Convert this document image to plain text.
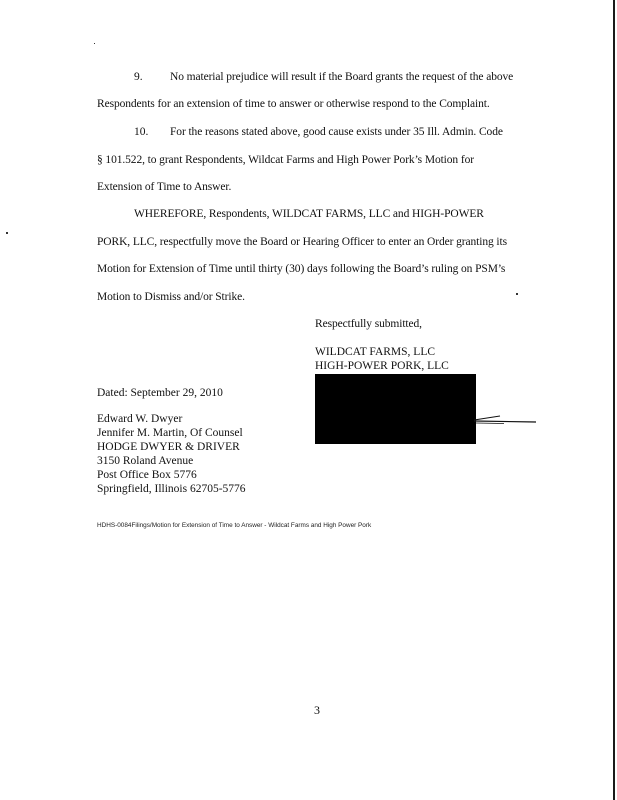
9. No material prejudice will result if the Board grants the request of the above
Respondents for an extension of time to answer or otherwise respond to the Complaint.
10. For the reasons stated above, good cause exists under 35 Ill. Admin. Code
§ 101.522, to grant Respondents, Wildcat Farms and High Power Pork’s Motion for
Extension of Time to Answer.
WHEREFORE, Respondents, WILDCAT FARMS, LLC and HIGH-POWER
PORK, LLC, respectfully move the Board or Hearing Officer to enter an Order granting its
Motion for Extension of Time until thirty (30) days following the Board’s ruling on PSM’s
Motion to Dismiss and/or Strike.
Respectfully submitted,
WILDCAT FARMS, LLC
HIGH-POWER PORK, LLC
Dated: September 29, 2010
Edward W. Dwyer
Jennifer M. Martin, Of Counsel
HODGE DWYER & DRIVER
3150 Roland Avenue
Post Office Box 5776
Springfield, Illinois 62705-5776
HDHS-0084Filings/Motion for Extension of Time to Answer - Wildcat Farms and High Power Pork
3
